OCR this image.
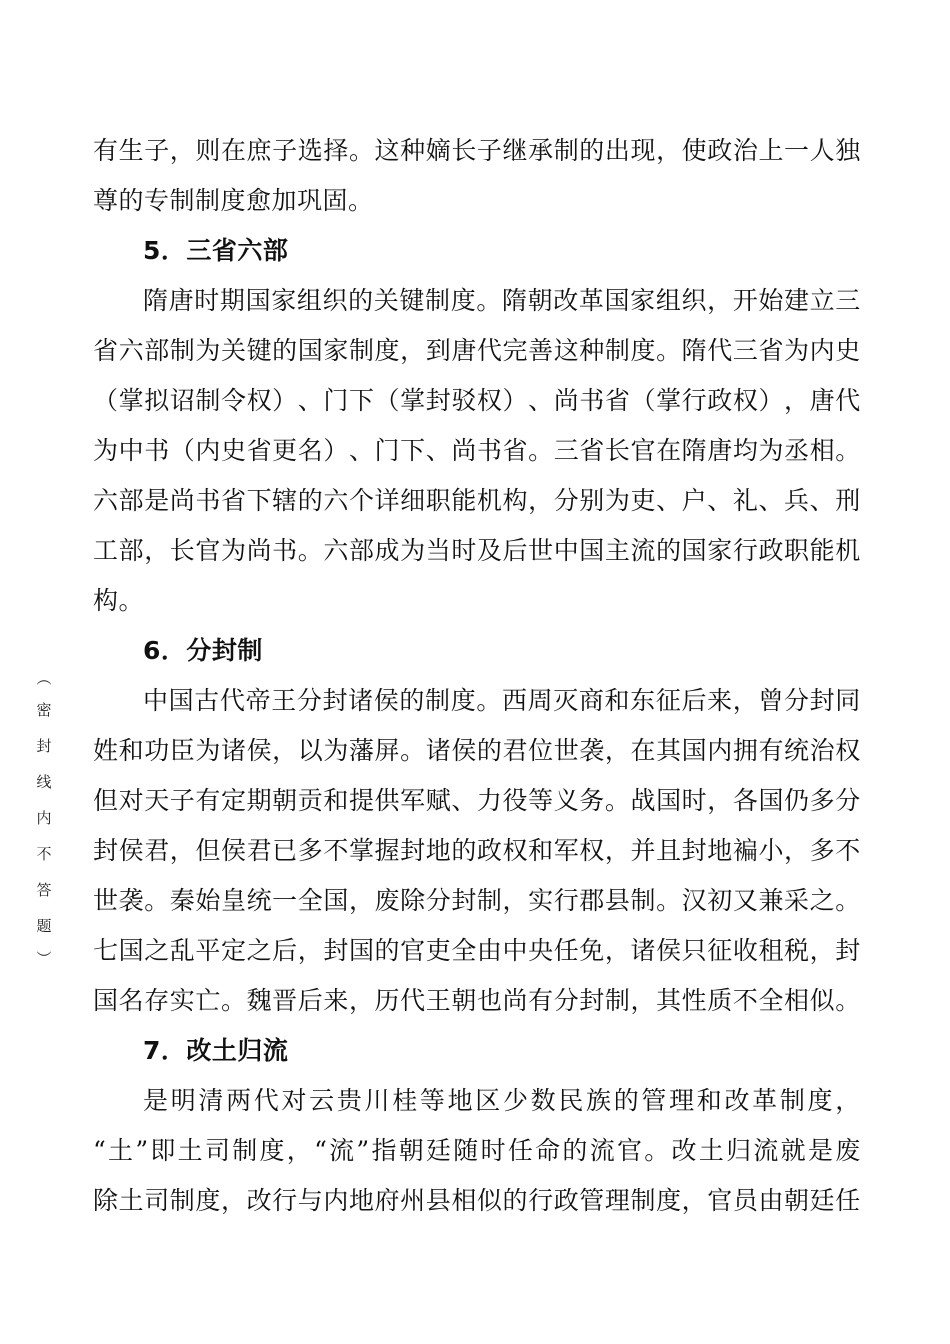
（
密
封
线
内
不
答
题
）
有 生 子 ， 则 在 庶 子 选 择 。 这 种 嫡 长 子 继 承 制 的 出 现 ， 使 政 治 上 一 人 独
尊的专制制度愈加巩固。
5．三省六部
隋 唐 时 期 国 家 组 织 的 关 键 制 度 。 隋 朝 改 革 国 家 组 织 ， 开 始 建 立 三
省 六 部 制 为 关 键 的 国 家 制 度 ， 到 唐 代 完 善 这 种 制 度 。 隋 代 三 省 为 内 史
（ 掌 拟 诏 制 令 权 ） 、 门 下 （ 掌 封 驳 权 ） 、 尚 书 省 （ 掌 行 政 权 ） ， 唐 代
为 中 书 （ 内 史 省 更 名 ） 、 门 下 、 尚 书 省 。 三 省 长 官 在 隋 唐 均 为 丞 相 。
六 部 是 尚 书 省 下 辖 的 六 个 详 细 职 能 机 构 ， 分 别 为 吏 、 户 、 礼 、 兵 、 刑
工 部 ， 长 官 为 尚 书 。 六 部 成 为 当 时 及 后 世 中 国 主 流 的 国 家 行 政 职 能 机
构。
6．分封制
中 国 古 代 帝 王 分 封 诸 侯 的 制 度 。 西 周 灭 商 和 东 征 后 来 ， 曾 分 封 同
姓 和 功 臣 为 诸 侯 ， 以 为 藩 屏 。 诸 侯 的 君 位 世 袭 ， 在 其 国 内 拥 有 统 治 权
但 对 天 子 有 定 期 朝 贡 和 提 供 军 赋 、 力 役 等 义 务 。 战 国 时 ， 各 国 仍 多 分
封 侯 君 ， 但 侯 君 已 多 不 掌 握 封 地 的 政 权 和 军 权 ， 并 且 封 地 褊 小 ， 多 不
世 袭 。 秦 始 皇 统 一 全 国 ， 废 除 分 封 制 ， 实 行 郡 县 制 。 汉 初 又 兼 采 之 。
七 国 之 乱 平 定 之 后 ， 封 国 的 官 吏 全 由 中 央 任 免 ， 诸 侯 只 征 收 租 税 ， 封
国 名 存 实 亡 。 魏 晋 后 来 ， 历 代 王 朝 也 尚 有 分 封 制 ， 其 性 质 不 全 相 似 。
7．改土归流
是 明 清 两 代 对 云 贵 川 桂 等 地 区 少 数 民 族 的 管 理 和 改 革 制 度 ，
“ 土 ” 即 土 司 制 度 ， “ 流 ” 指 朝 廷 随 时 任 命 的 流 官 。 改 土 归 流 就 是 废
除 土 司 制 度 ， 改 行 与 内 地 府 州 县 相 似 的 行 政 管 理 制 度 ， 官 员 由 朝 廷 任
